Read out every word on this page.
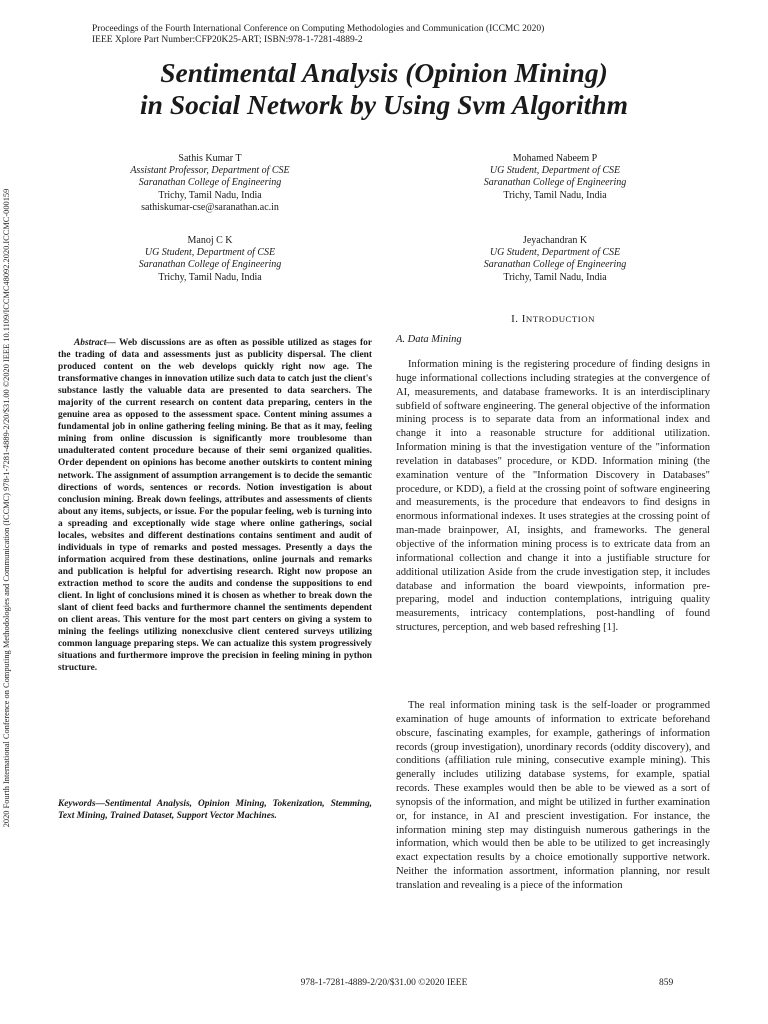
Proceedings of the Fourth International Conference on Computing Methodologies and Communication (ICCMC 2020)
IEEE Xplore Part Number:CFP20K25-ART; ISBN:978-1-7281-4889-2
Sentimental Analysis (Opinion Mining)
in Social Network by Using Svm Algorithm
2020 Fourth International Conference on Computing Methodologies and Communication (ICCMC) 978-1-7281-4889-2/20/$31.00 ©2020 IEEE 10.1109/ICCMC48092.2020.ICCMC-000159
Sathis Kumar T
Assistant Professor, Department of CSE
Saranathan College of Engineering
Trichy, Tamil Nadu, India
sathiskumar-cse@saranathan.ac.in
Mohamed Nabeem P
UG Student, Department of CSE
Saranathan College of Engineering
Trichy, Tamil Nadu, India
Manoj C K
UG Student, Department of CSE
Saranathan College of Engineering
Trichy, Tamil Nadu, India
Jeyachandran K
UG Student, Department of CSE
Saranathan College of Engineering
Trichy, Tamil Nadu, India
Abstract— Web discussions are as often as possible utilized as stages for the trading of data and assessments just as publicity dispersal. The client produced content on the web develops quickly right now age. The transformative changes in innovation utilize such data to catch just the client's substance lastly the valuable data are presented to data searchers. The majority of the current research on content data preparing, centers in the genuine area as opposed to the assessment space. Content mining assumes a fundamental job in online gathering feeling mining. Be that as it may, feeling mining from online discussion is significantly more troublesome than unadulterated content procedure because of their semi organized qualities. Order dependent on opinions has become another outskirts to content mining network. The assignment of assumption arrangement is to decide the semantic directions of words, sentences or records. Notion investigation is about conclusion mining. Break down feelings, attributes and assessments of clients about any items, subjects, or issue. For the popular feeling, web is turning into a spreading and exceptionally wide stage where online gatherings, social locales, websites and different destinations contains sentiment and audit of individuals in type of remarks and posted messages. Presently a days the information acquired from these destinations, online journals and remarks and publication is helpful for advertising research. Right now propose an extraction method to score the audits and condense the suppositions to end client. In light of conclusions mined it is chosen as whether to break down the slant of client feed backs and furthermore channel the sentiments dependent on client areas. This venture for the most part centers on giving a system to mining the feelings utilizing nonexclusive client centered surveys utilizing common language preparing steps. We can actualize this system progressively situations and furthermore improve the precision in feeling mining in python structure.
Keywords—Sentimental Analysis, Opinion Mining, Tokenization, Stemming, Text Mining, Trained Dataset, Support Vector Machines.
I. INTRODUCTION
A. Data Mining
Information mining is the registering procedure of finding designs in huge informational collections including strategies at the convergence of AI, measurements, and database frameworks. It is an interdisciplinary subfield of software engineering. The general objective of the information mining process is to separate data from an informational index and change it into a reasonable structure for additional utilization. Information mining is that the investigation venture of the "information revelation in databases" procedure, or KDD. Information mining (the examination venture of the "Information Discovery in Databases" procedure, or KDD), a field at the crossing point of software engineering and measurements, is the procedure that endeavors to find designs in enormous informational indexes. It uses strategies at the crossing point of man-made brainpower, AI, insights, and frameworks. The general objective of the information mining process is to extricate data from an informational collection and change it into a justifiable structure for additional utilization Aside from the crude investigation step, it includes database and information the board viewpoints, information pre-preparing, model and induction contemplations, intriguing quality measurements, intricacy contemplations, post-handling of found structures, perception, and web based refreshing [1].
The real information mining task is the self-loader or programmed examination of huge amounts of information to extricate beforehand obscure, fascinating examples, for example, gatherings of information records (group investigation), unordinary records (oddity discovery), and conditions (affiliation rule mining, consecutive example mining). This generally includes utilizing database systems, for example, spatial records. These examples would then be able to be viewed as a sort of synopsis of the information, and might be utilized in further examination or, for instance, in AI and prescient investigation. For instance, the information mining step may distinguish numerous gatherings in the information, which would then be able to be utilized to get increasingly exact expectation results by a choice emotionally supportive network. Neither the information assortment, information planning, nor result translation and revealing is a piece of the information
978-1-7281-4889-2/20/$31.00 ©2020 IEEE	859
